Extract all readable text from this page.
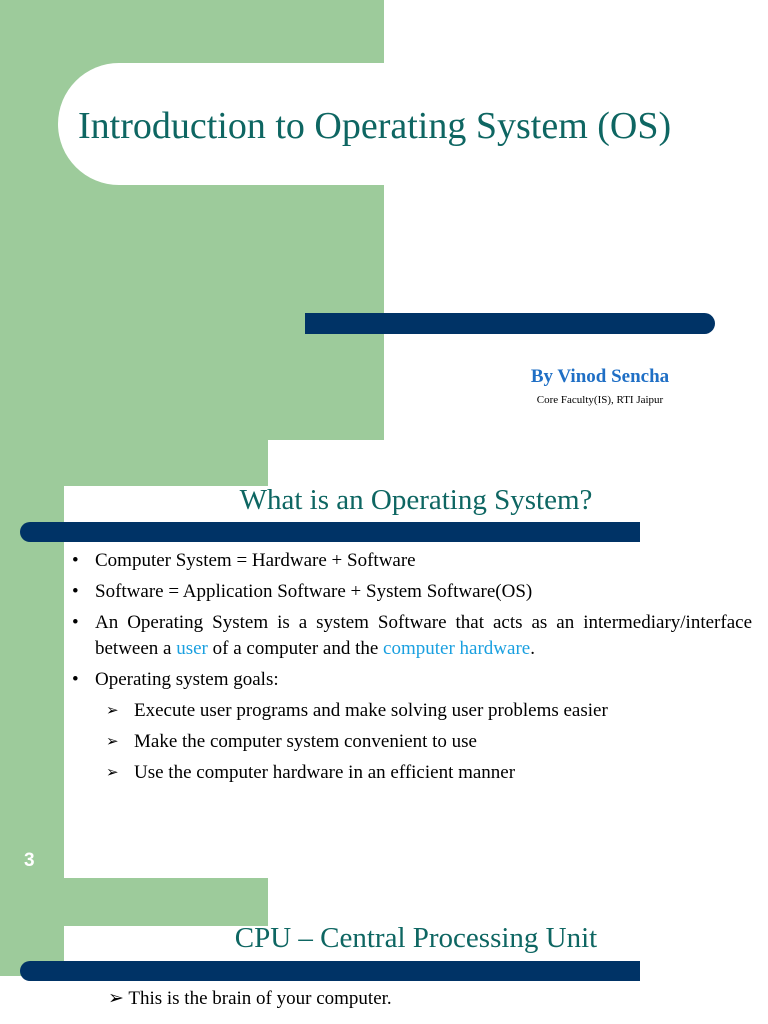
Introduction to Operating System (OS)
By Vinod Sencha
Core Faculty(IS), RTI Jaipur
What is an Operating System?
• Computer System = Hardware + Software
• Software = Application Software + System Software(OS)
• An Operating System is a system Software that acts as an intermediary/interface between a user of a computer and the computer hardware.
• Operating system goals:
➢ Execute user programs and make solving user problems easier
➢ Make the computer system convenient to use
➢ Use the computer hardware in an efficient manner
3
CPU – Central Processing Unit
➢ This is the brain of your computer.
